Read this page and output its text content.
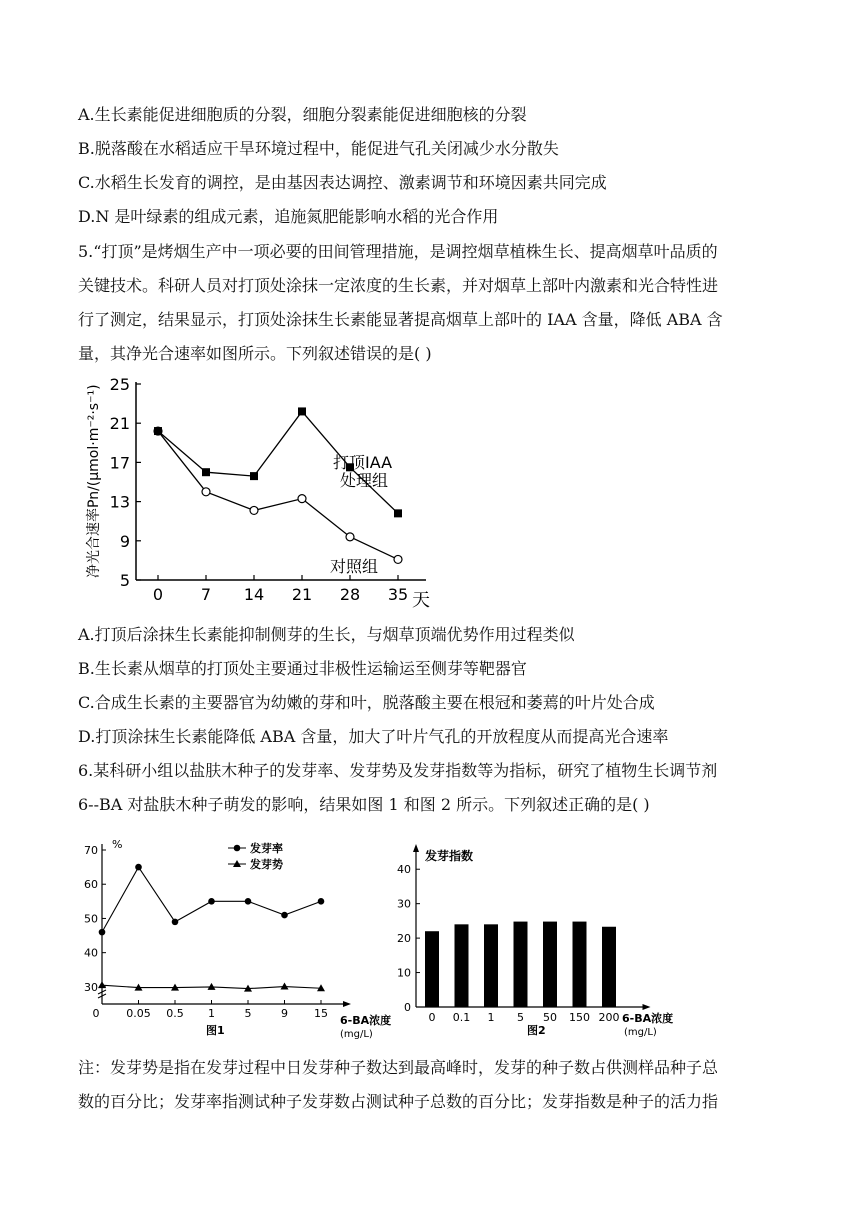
A.生长素能促进细胞质的分裂，细胞分裂素能促进细胞核的分裂
B.脱落酸在水稻适应干旱环境过程中，能促进气孔关闭减少水分散失
C.水稻生长发育的调控，是由基因表达调控、激素调节和环境因素共同完成
D.N 是叶绿素的组成元素，追施氮肥能影响水稻的光合作用
5.“打顶”是烤烟生产中一项必要的田间管理措施，是调控烟草植株生长、提高烟草叶品质的
关键技术。科研人员对打顶处涂抹一定浓度的生长素，并对烟草上部叶内激素和光合特性进
行了测定，结果显示，打顶处涂抹生长素能显著提高烟草上部叶的 IAA 含量，降低 ABA 含
量，其净光合速率如图所示。下列叙述错误的是( )
5
9
13
17
21
25
0 7 14 21 28 35
打顶IAA
处理组
对照组
天
净光合速率Pn/(μmol·m⁻²·s⁻¹)
A.打顶后涂抹生长素能抑制侧芽的生长，与烟草顶端优势作用过程类似
B.生长素从烟草的打顶处主要通过非极性运输运至侧芽等靶器官
C.合成生长素的主要器官为幼嫩的芽和叶，脱落酸主要在根冠和萎蔫的叶片处合成
D.打顶涂抹生长素能降低 ABA 含量，加大了叶片气孔的开放程度从而提高光合速率
6.某科研小组以盐肤木种子的发芽率、发芽势及发芽指数等为指标，研究了植物生长调节剂
6--BA 对盐肤木种子萌发的影响，结果如图 1 和图 2 所示。下列叙述正确的是( )
30
40
50
60
70
0 0.05 0.5 1	5	9 15
发芽率
发芽势
%
6-BA浓度
(mg/L)
图1
0
10
20
30
40
0 0.1 1 5 50 150 200
发芽指数
6-BA浓度
(mg/L)
图2
注：发芽势是指在发芽过程中日发芽种子数达到最高峰时，发芽的种子数占供测样品种子总
数的百分比；发芽率指测试种子发芽数占测试种子总数的百分比；发芽指数是种子的活力指
